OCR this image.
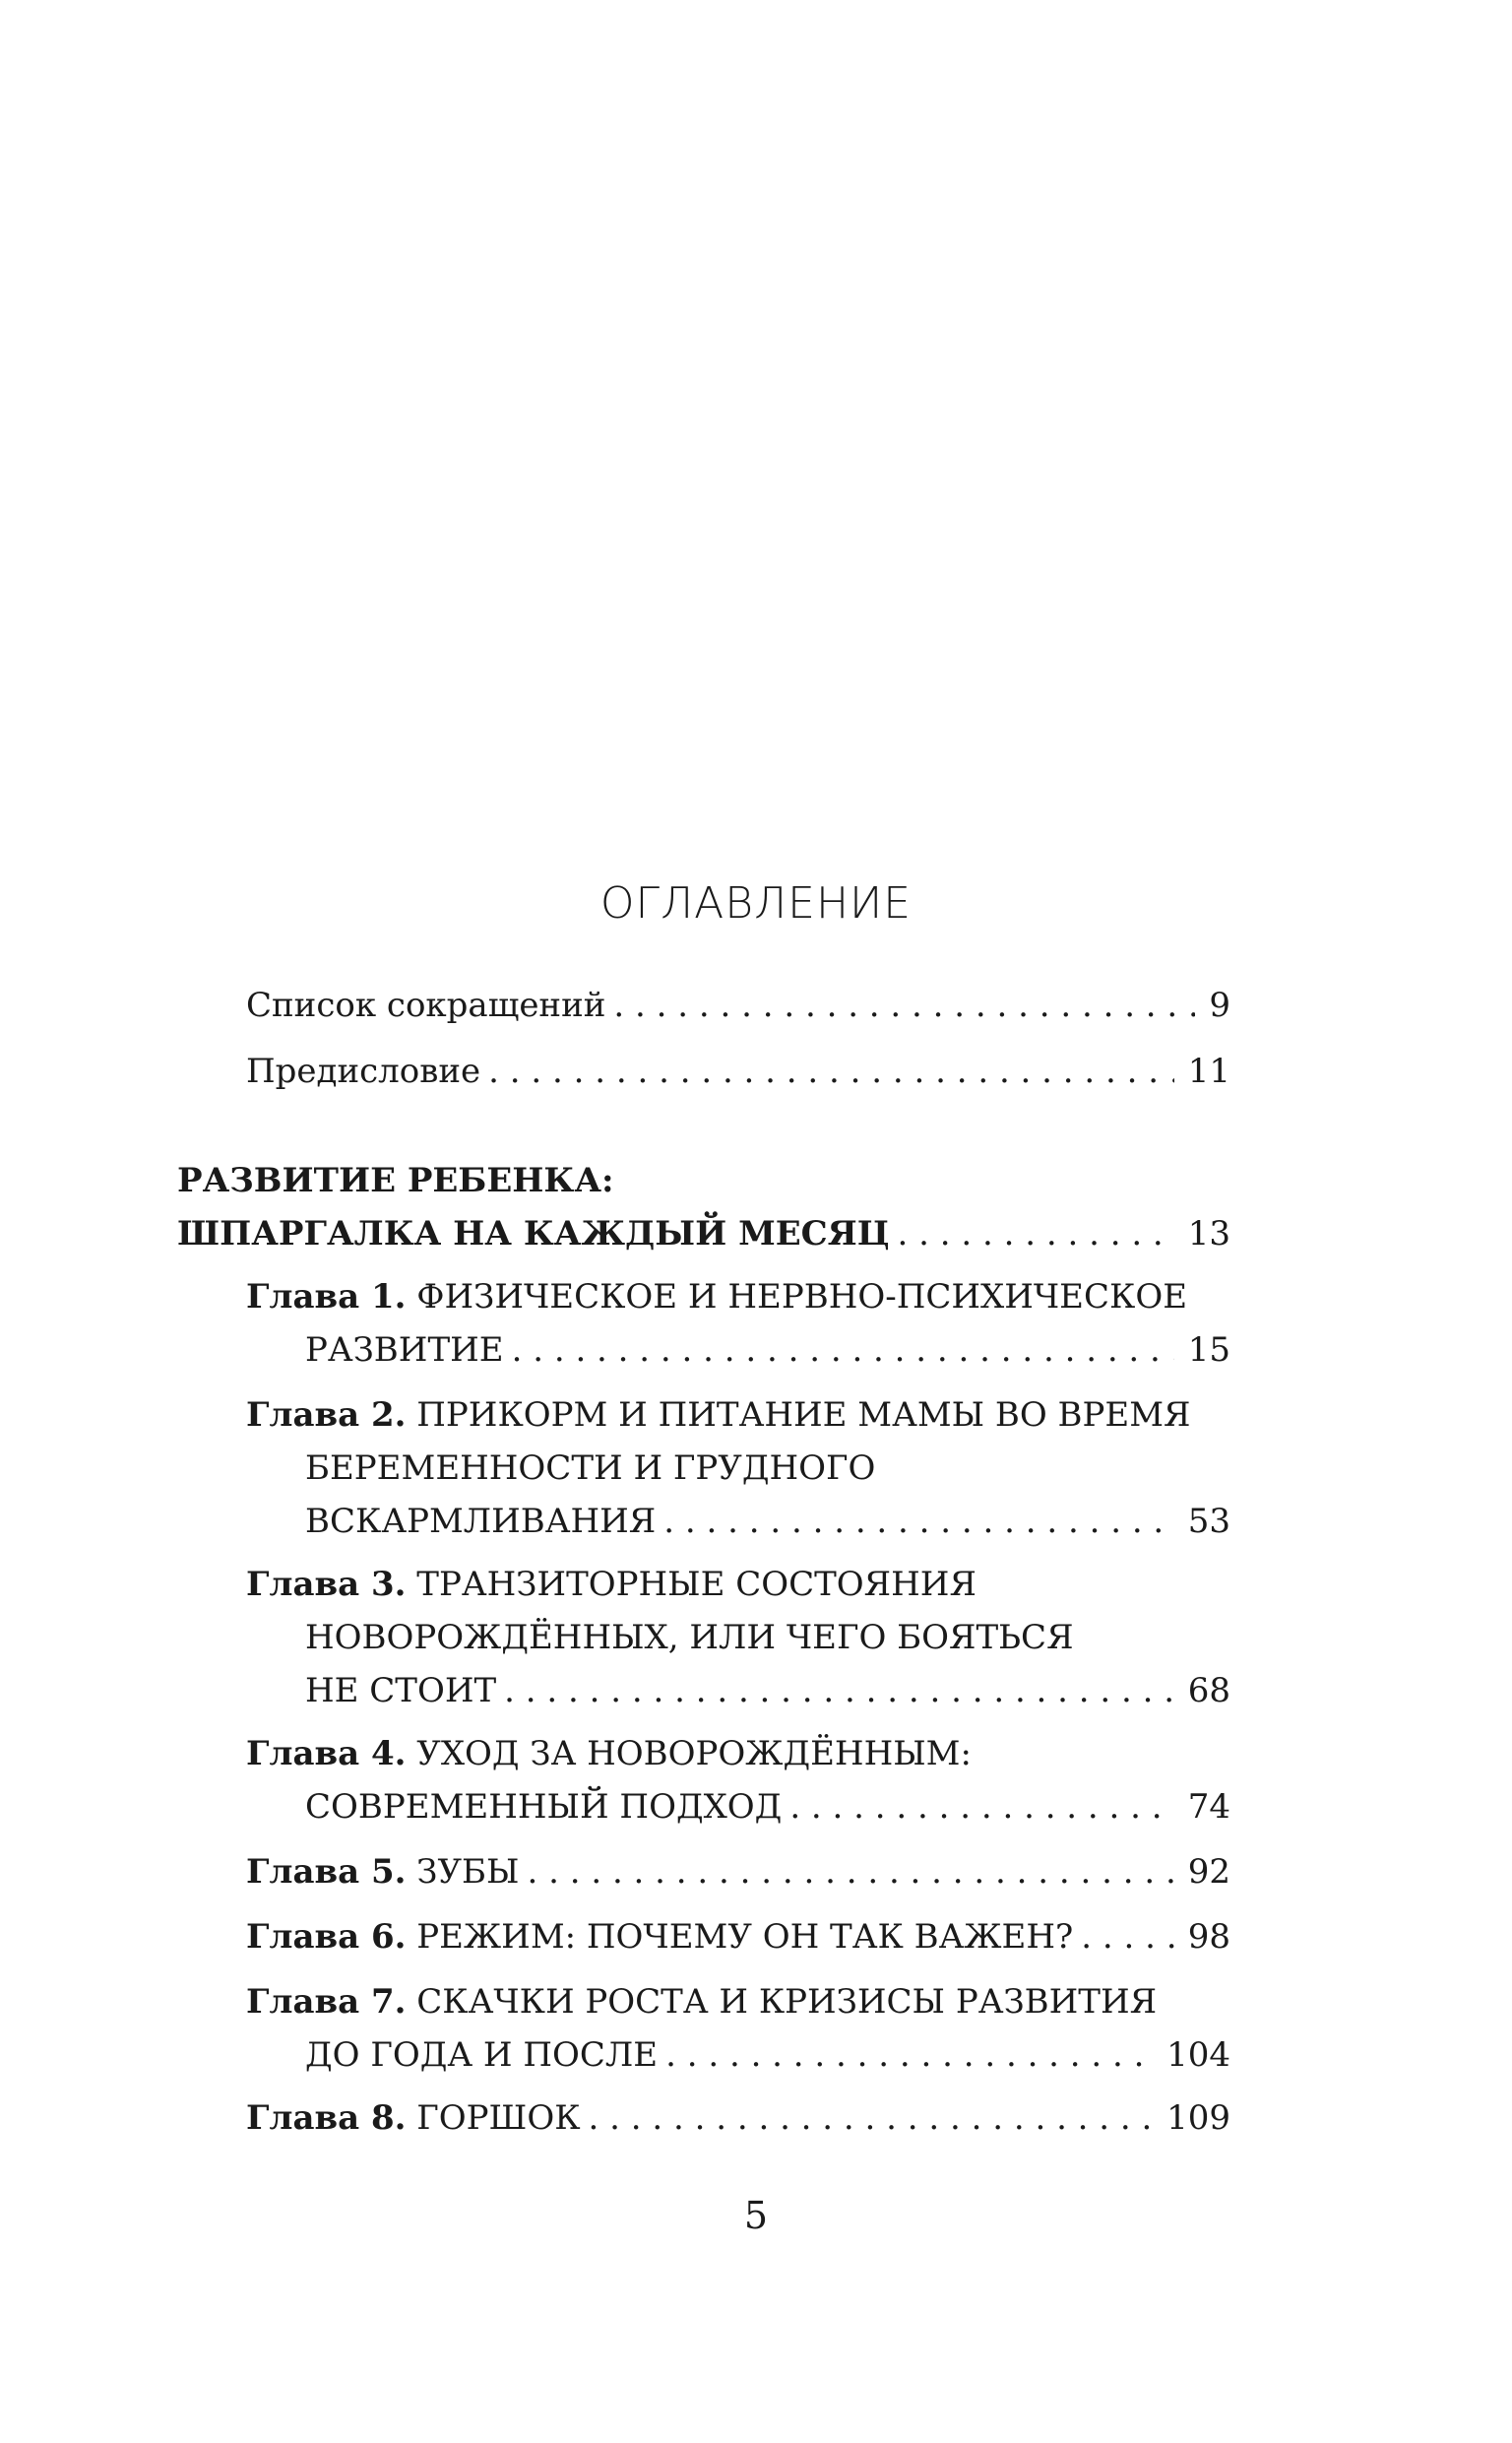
ОГЛАВЛЕНИЕ
Список сокращений . . .	9
Предисловие . . .	11
РАЗВИТИЕ РЕБЕНКА:
ШПАРГАЛКА НА КАЖДЫЙ МЕСЯЦ . . .	13
Глава 1. ФИЗИЧЕСКОЕ И НЕРВНО-ПСИХИЧЕСКОЕ
РАЗВИТИЕ . . .	15
Глава 2. ПРИКОРМ И ПИТАНИЕ МАМЫ ВО ВРЕМЯ
БЕРЕМЕННОСТИ И ГРУДНОГО
ВСКАРМЛИВАНИЯ . . .	53
Глава 3. ТРАНЗИТОРНЫЕ СОСТОЯНИЯ
НОВОРОЖДЁННЫХ, ИЛИ ЧЕГО БОЯТЬСЯ
НЕ СТОИТ . . .	68
Глава 4. УХОД ЗА НОВОРОЖДЁННЫМ:
СОВРЕМЕННЫЙ ПОДХОД . . .	74
Глава 5. ЗУБЫ . . .	92
Глава 6. РЕЖИМ: ПОЧЕМУ ОН ТАК ВАЖЕН? . . .	98
Глава 7. СКАЧКИ РОСТА И КРИЗИСЫ РАЗВИТИЯ
ДО ГОДА И ПОСЛЕ . . .	104
Глава 8. ГОРШОК . . .	109
5
